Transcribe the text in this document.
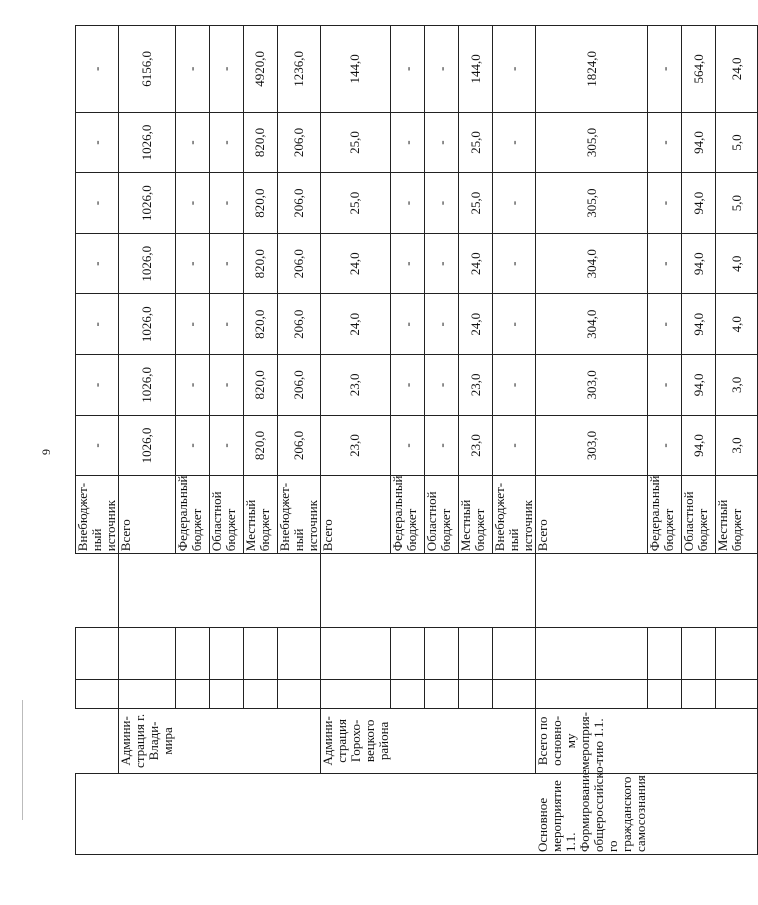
9
					Внебюджет-ный источник	-	-	-	-	-	-	-
	Админи-страция г. Влади-мира				Всего	1026,0	1026,0	1026,0	1026,0	1026,0	1026,0	6156,0
					Федеральный бюджет	-	-	-	-	-	-	-
					Областной бюджет	-	-	-	-	-	-	-
					Местный бюджет	820,0	820,0	820,0	820,0	820,0	820,0	4920,0
					Внебюджет-ный источник	206,0	206,0	206,0	206,0	206,0	206,0	1236,0
	Админи-страция Горохо-вецкого района				Всего	23,0	23,0	24,0	24,0	25,0	25,0	144,0
					Федеральный бюджет	-	-	-	-	-	-	-
					Областной бюджет	-	-	-	-	-	-	-
					Местный бюджет	23,0	23,0	24,0	24,0	25,0	25,0	144,0
					Внебюджет-ный источник	-	-	-	-	-	-	-
Основное мероприятие 1.1. Формирование общероссийско-го гражданского самосознания	Всего по основно-му мероприя-тию 1.1.				Всего	303,0	303,0	304,0	304,0	305,0	305,0	1824,0
					Федеральный бюджет	-	-	-	-	-	-	-
					Областной бюджет	94,0	94,0	94,0	94,0	94,0	94,0	564,0
					Местный бюджет	3,0	3,0	4,0	4,0	5,0	5,0	24,0
